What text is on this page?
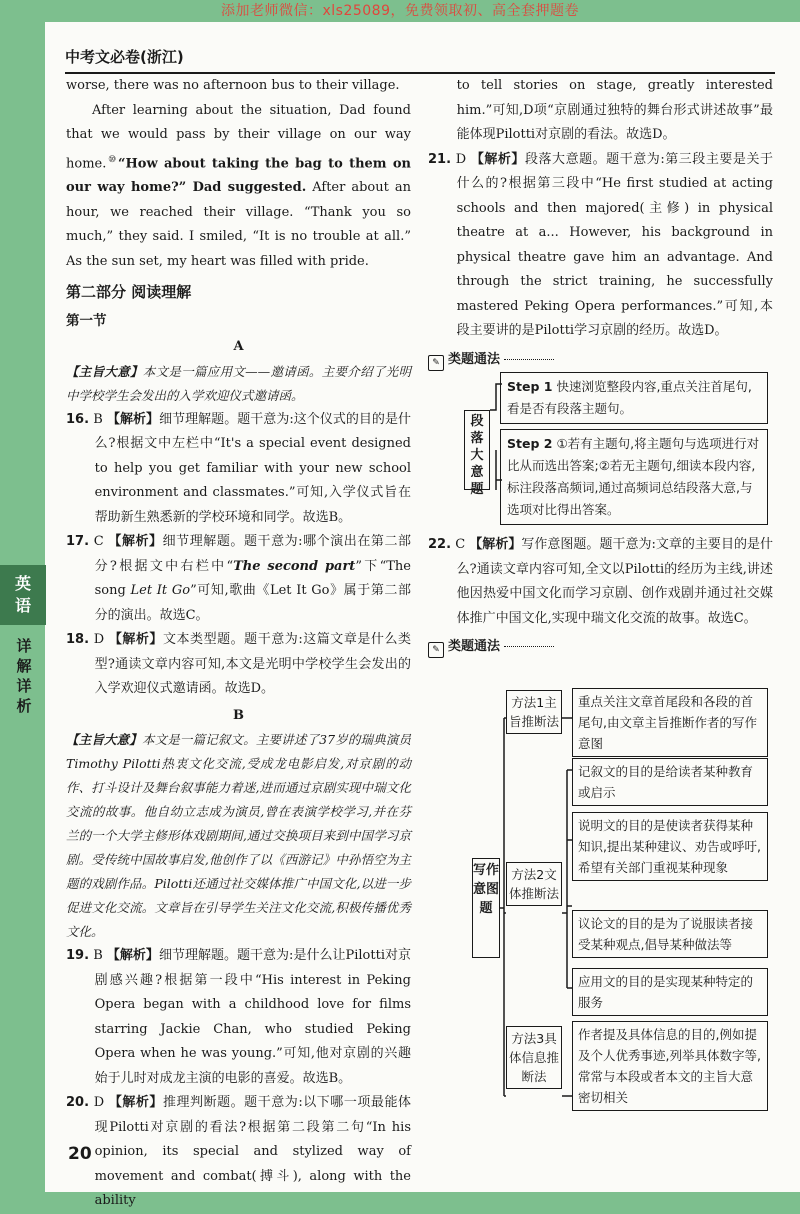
添加老师微信：xls25089，免费领取初、高全套押题卷
英
语
详
解
详
析
中考文必卷(浙江)

worse, there was no afternoon bus to their village.

After learning about the situation, Dad found that we would pass by their village on our way home.⑩“How about taking the bag to them on our way home?” Dad suggested. After about an hour, we reached their village. “Thank you so much,” they said. I smiled, “It is no trouble at all.” As the sun set, my heart was filled with pride.

第二部分 阅读理解
第一节
A

【主旨大意】本文是一篇应用文——邀请函。主要介绍了光明中学校学生会发出的入学欢迎仪式邀请函。

16. B 【解析】细节理解题。题干意为:这个仪式的目的是什么?根据文中左栏中“It's a special event designed to help you get familiar with your new school environment and classmates.”可知,入学仪式旨在帮助新生熟悉新的学校环境和同学。故选B。

17. C 【解析】细节理解题。题干意为:哪个演出在第二部分?根据文中右栏中“The second part”下“The song Let It Go”可知,歌曲《Let It Go》属于第二部分的演出。故选C。

18. D 【解析】文本类型题。题干意为:这篇文章是什么类型?通读文章内容可知,本文是光明中学校学生会发出的入学欢迎仪式邀请函。故选D。

B

【主旨大意】本文是一篇记叙文。主要讲述了37岁的瑞典演员Timothy Pilotti热衷文化交流,受成龙电影启发,对京剧的动作、打斗设计及舞台叙事能力着迷,进而通过京剧实现中瑞文化交流的故事。他自幼立志成为演员,曾在表演学校学习,并在芬兰的一个大学主修形体戏剧期间,通过交换项目来到中国学习京剧。受传统中国故事启发,他创作了以《西游记》中孙悟空为主题的戏剧作品。Pilotti还通过社交媒体推广中国文化,以进一步促进文化交流。文章旨在引导学生关注文化交流,积极传播优秀文化。

19. B 【解析】细节理解题。题干意为:是什么让Pilotti对京剧感兴趣?根据第一段中“His interest in Peking Opera began with a childhood love for films starring Jackie Chan, who studied Peking Opera when he was young.”可知,他对京剧的兴趣始于儿时对成龙主演的电影的喜爱。故选B。

20. D 【解析】推理判断题。题干意为:以下哪一项最能体现Pilotti对京剧的看法?根据第二段第二句“In his opinion, its special and stylized way of movement and combat(搏斗), along with the ability

to tell stories on stage, greatly interested him.”可知,D项“京剧通过独特的舞台形式讲述故事”最能体现Pilotti对京剧的看法。故选D。

21. D 【解析】段落大意题。题干意为:第三段主要是关于什么的?根据第三段中“He first studied at acting schools and then majored(主修) in physical theatre at a... However, his background in physical theatre gave him an advantage. And through the strict training, he successfully mastered Peking Opera performances.”可知,本段主要讲的是Pilotti学习京剧的经历。故选D。

✎ 类题通法
段落大意题
Step 1 快速浏览整段内容,重点关注首尾句,看是否有段落主题句。
Step 2 ①若有主题句,将主题句与选项进行对比从而选出答案;②若无主题句,细读本段内容,标注段落高频词,通过高频词总结段落大意,与选项对比得出答案。

22. C 【解析】写作意图题。题干意为:文章的主要目的是什么?通读文章内容可知,全文以Pilotti的经历为主线,讲述他因热爱中国文化而学习京剧、创作戏剧并通过社交媒体推广中国文化,实现中瑞文化交流的故事。故选C。

✎ 类题通法
写作意图题
方法1主旨推断法
重点关注文章首尾段和各段的首尾句,由文章主旨推断作者的写作意图
方法2文体推断法
记叙文的目的是给读者某种教育或启示
说明文的目的是使读者获得某种知识,提出某种建议、劝告或呼吁,希望有关部门重视某种现象
议论文的目的是为了说服读者接受某种观点,倡导某种做法等
应用文的目的是实现某种特定的服务
方法3具体信息推断法
作者提及具体信息的目的,例如提及个人优秀事迹,列举具体数字等,常常与本段或者本文的主旨大意密切相关
20
